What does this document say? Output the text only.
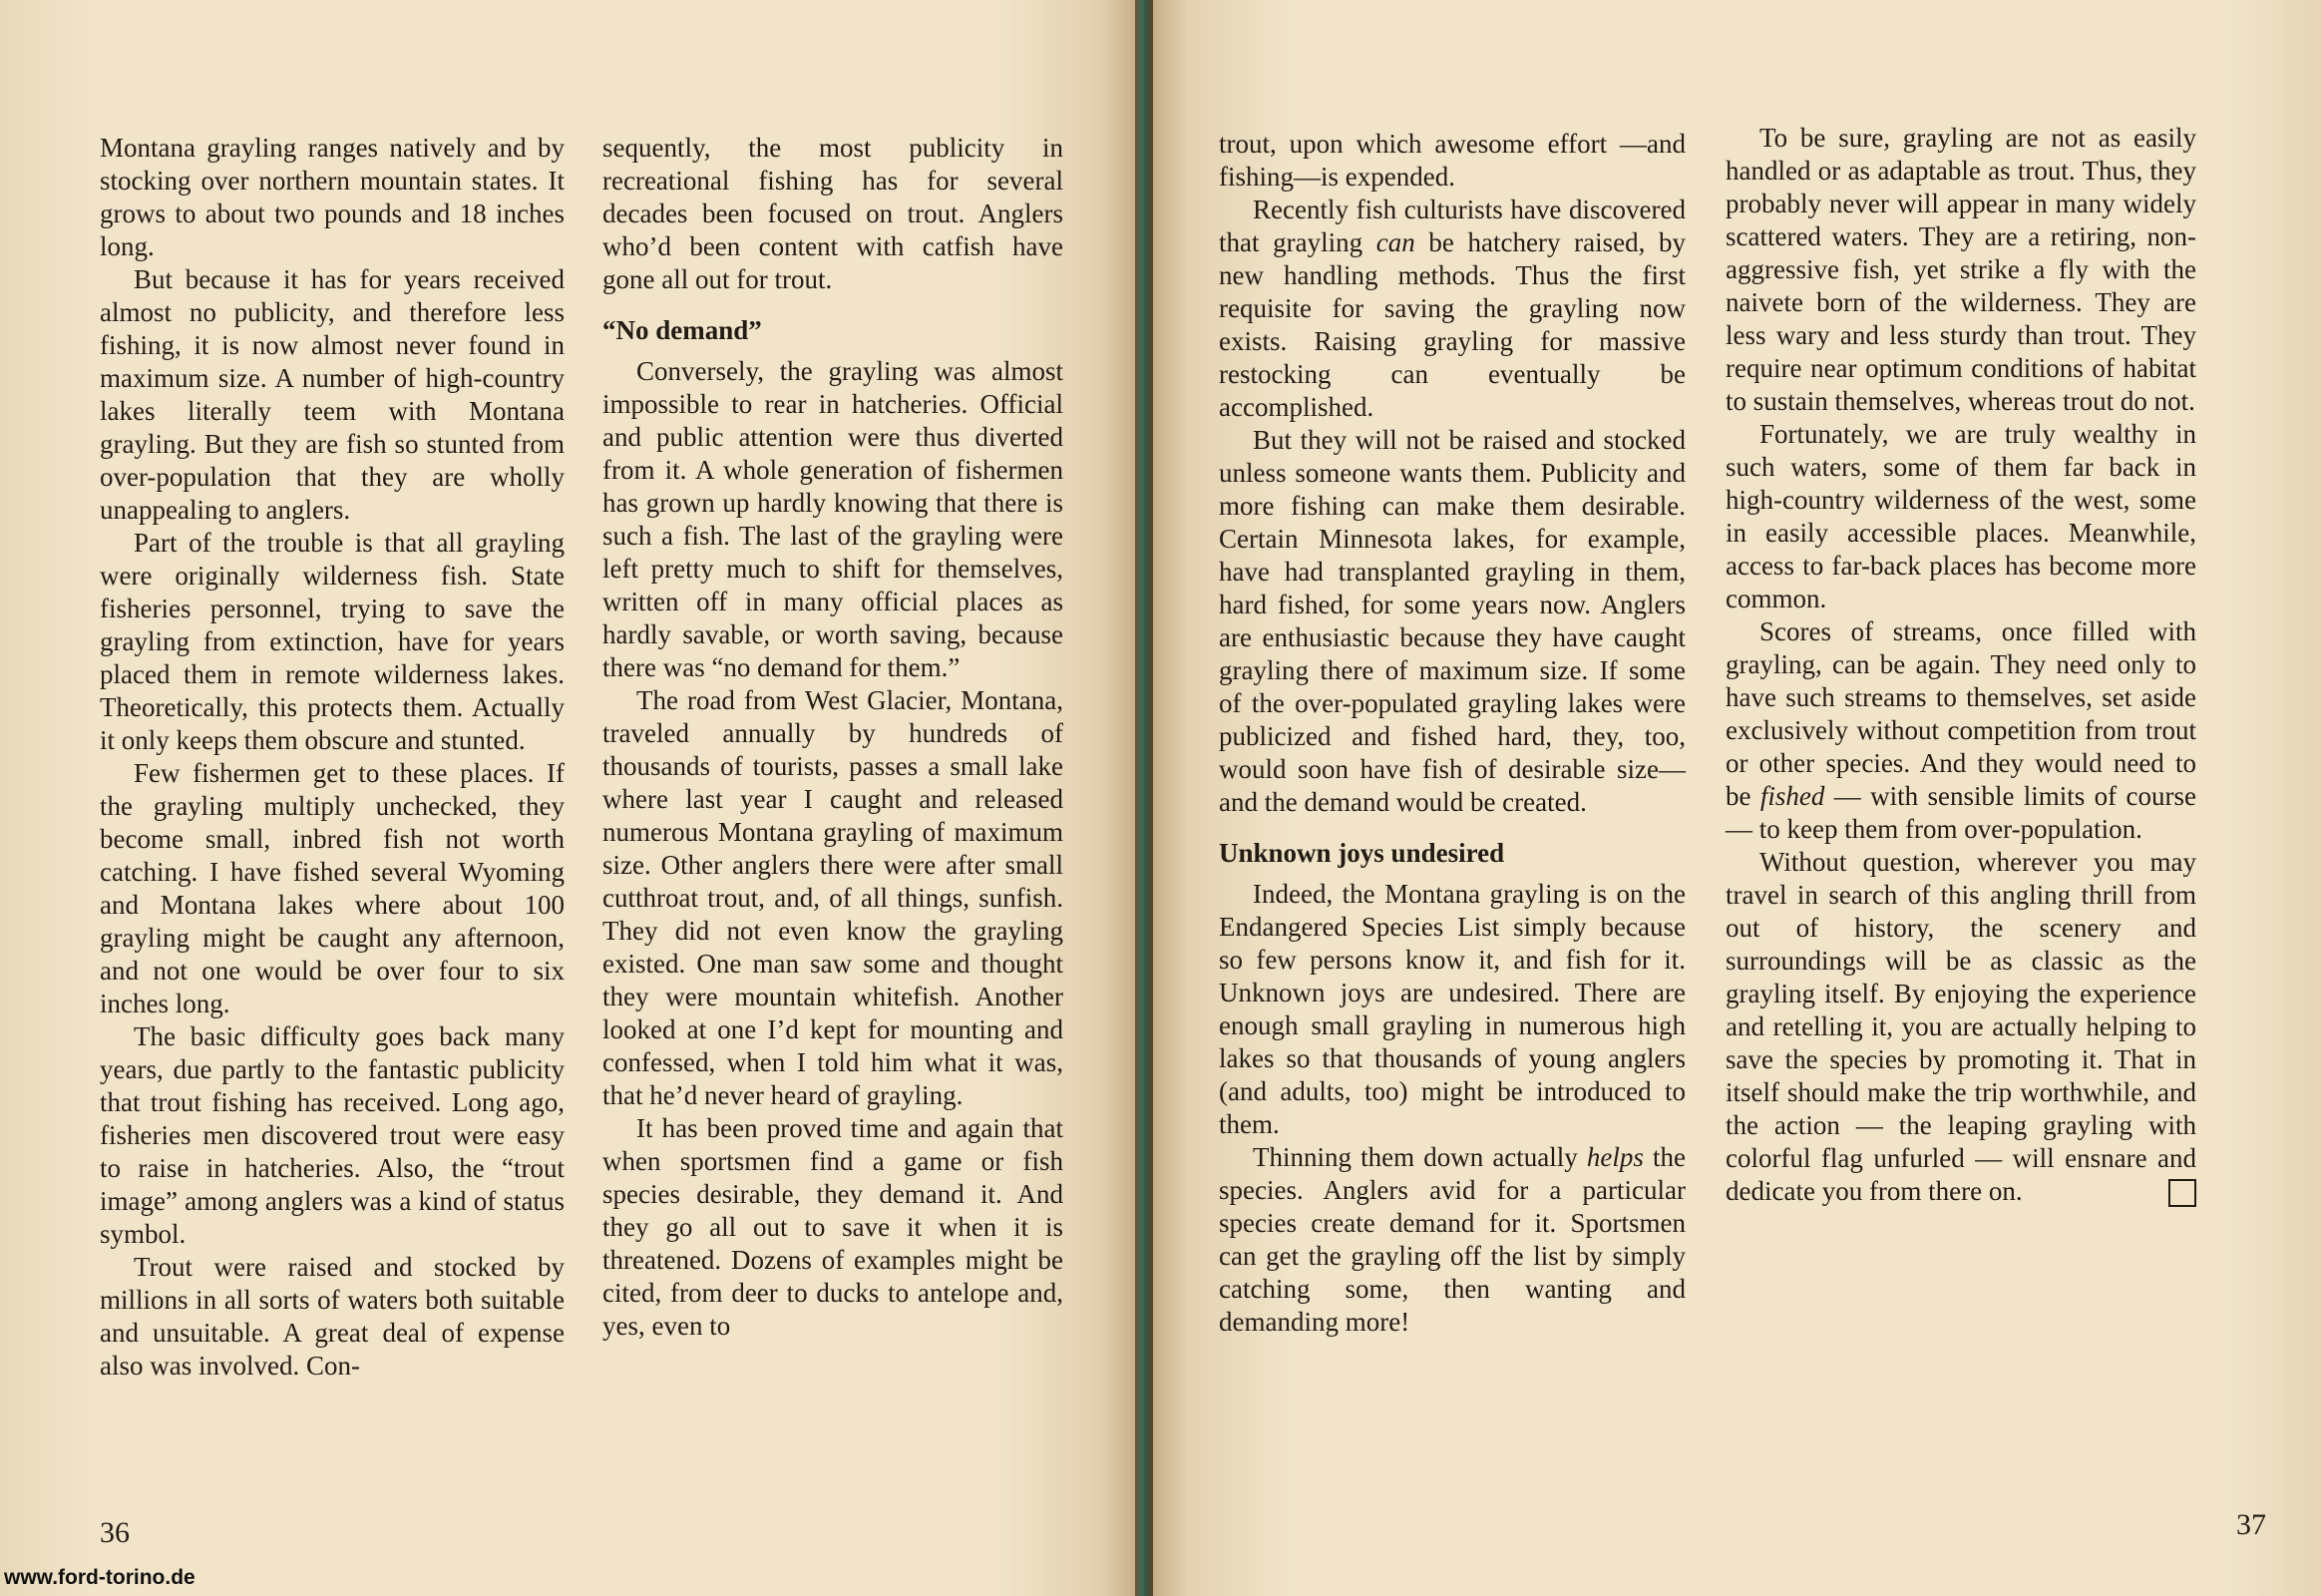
Montana grayling ranges natively and by stocking over northern mountain states. It grows to about two pounds and 18 inches long.

But because it has for years received almost no publicity, and therefore less fishing, it is now almost never found in maximum size. A number of high-country lakes literally teem with Montana grayling. But they are fish so stunted from over-population that they are wholly unappealing to anglers.

Part of the trouble is that all grayling were originally wilderness fish. State fisheries personnel, trying to save the grayling from extinction, have for years placed them in remote wilderness lakes. Theoretically, this protects them. Actually it only keeps them obscure and stunted.

Few fishermen get to these places. If the grayling multiply unchecked, they become small, inbred fish not worth catching. I have fished several Wyoming and Montana lakes where about 100 grayling might be caught any afternoon, and not one would be over four to six inches long.

The basic difficulty goes back many years, due partly to the fantastic publicity that trout fishing has received. Long ago, fisheries men discovered trout were easy to raise in hatcheries. Also, the “trout image” among anglers was a kind of status symbol.

Trout were raised and stocked by millions in all sorts of waters both suitable and unsuitable. A great deal of expense also was involved. Con-

sequently, the most publicity in recreational fishing has for several decades been focused on trout. Anglers who’d been content with catfish have gone all out for trout.

“No demand”

Conversely, the grayling was almost impossible to rear in hatcheries. Official and public attention were thus diverted from it. A whole generation of fishermen has grown up hardly knowing that there is such a fish. The last of the grayling were left pretty much to shift for themselves, written off in many official places as hardly savable, or worth saving, because there was “no demand for them.”

The road from West Glacier, Montana, traveled annually by hundreds of thousands of tourists, passes a small lake where last year I caught and released numerous Montana grayling of maximum size. Other anglers there were after small cutthroat trout, and, of all things, sunfish. They did not even know the grayling existed. One man saw some and thought they were mountain whitefish. Another looked at one I’d kept for mounting and confessed, when I told him what it was, that he’d never heard of grayling.

It has been proved time and again that when sportsmen find a game or fish species desirable, they demand it. And they go all out to save it when it is threatened. Dozens of examples might be cited, from deer to ducks to antelope and, yes, even to

36
www.ford-torino.de

trout, upon which awesome effort —and fishing—is expended.

Recently fish culturists have discovered that grayling can be hatchery raised, by new handling methods. Thus the first requisite for saving the grayling now exists. Raising grayling for massive restocking can eventually be accomplished.

But they will not be raised and stocked unless someone wants them. Publicity and more fishing can make them desirable. Certain Minnesota lakes, for example, have had transplanted grayling in them, hard fished, for some years now. Anglers are enthusiastic because they have caught grayling there of maximum size. If some of the over-populated grayling lakes were publicized and fished hard, they, too, would soon have fish of desirable size—and the demand would be created.

Unknown joys undesired

Indeed, the Montana grayling is on the Endangered Species List simply because so few persons know it, and fish for it. Unknown joys are undesired. There are enough small grayling in numerous high lakes so that thousands of young anglers (and adults, too) might be introduced to them.

Thinning them down actually helps the species. Anglers avid for a particular species create demand for it. Sportsmen can get the grayling off the list by simply catching some, then wanting and demanding more!

To be sure, grayling are not as easily handled or as adaptable as trout. Thus, they probably never will appear in many widely scattered waters. They are a retiring, non-aggressive fish, yet strike a fly with the naivete born of the wilderness. They are less wary and less sturdy than trout. They require near optimum conditions of habitat to sustain themselves, whereas trout do not.

Fortunately, we are truly wealthy in such waters, some of them far back in high-country wilderness of the west, some in easily accessible places. Meanwhile, access to far-back places has become more common.

Scores of streams, once filled with grayling, can be again. They need only to have such streams to themselves, set aside exclusively without competition from trout or other species. And they would need to be fished — with sensible limits of course — to keep them from over-population.

Without question, wherever you may travel in search of this angling thrill from out of history, the scenery and surroundings will be as classic as the grayling itself. By enjoying the experience and retelling it, you are actually helping to save the species by promoting it. That in itself should make the trip worthwhile, and the action — the leaping grayling with colorful flag unfurled — will ensnare and dedicate you from there on.

37
